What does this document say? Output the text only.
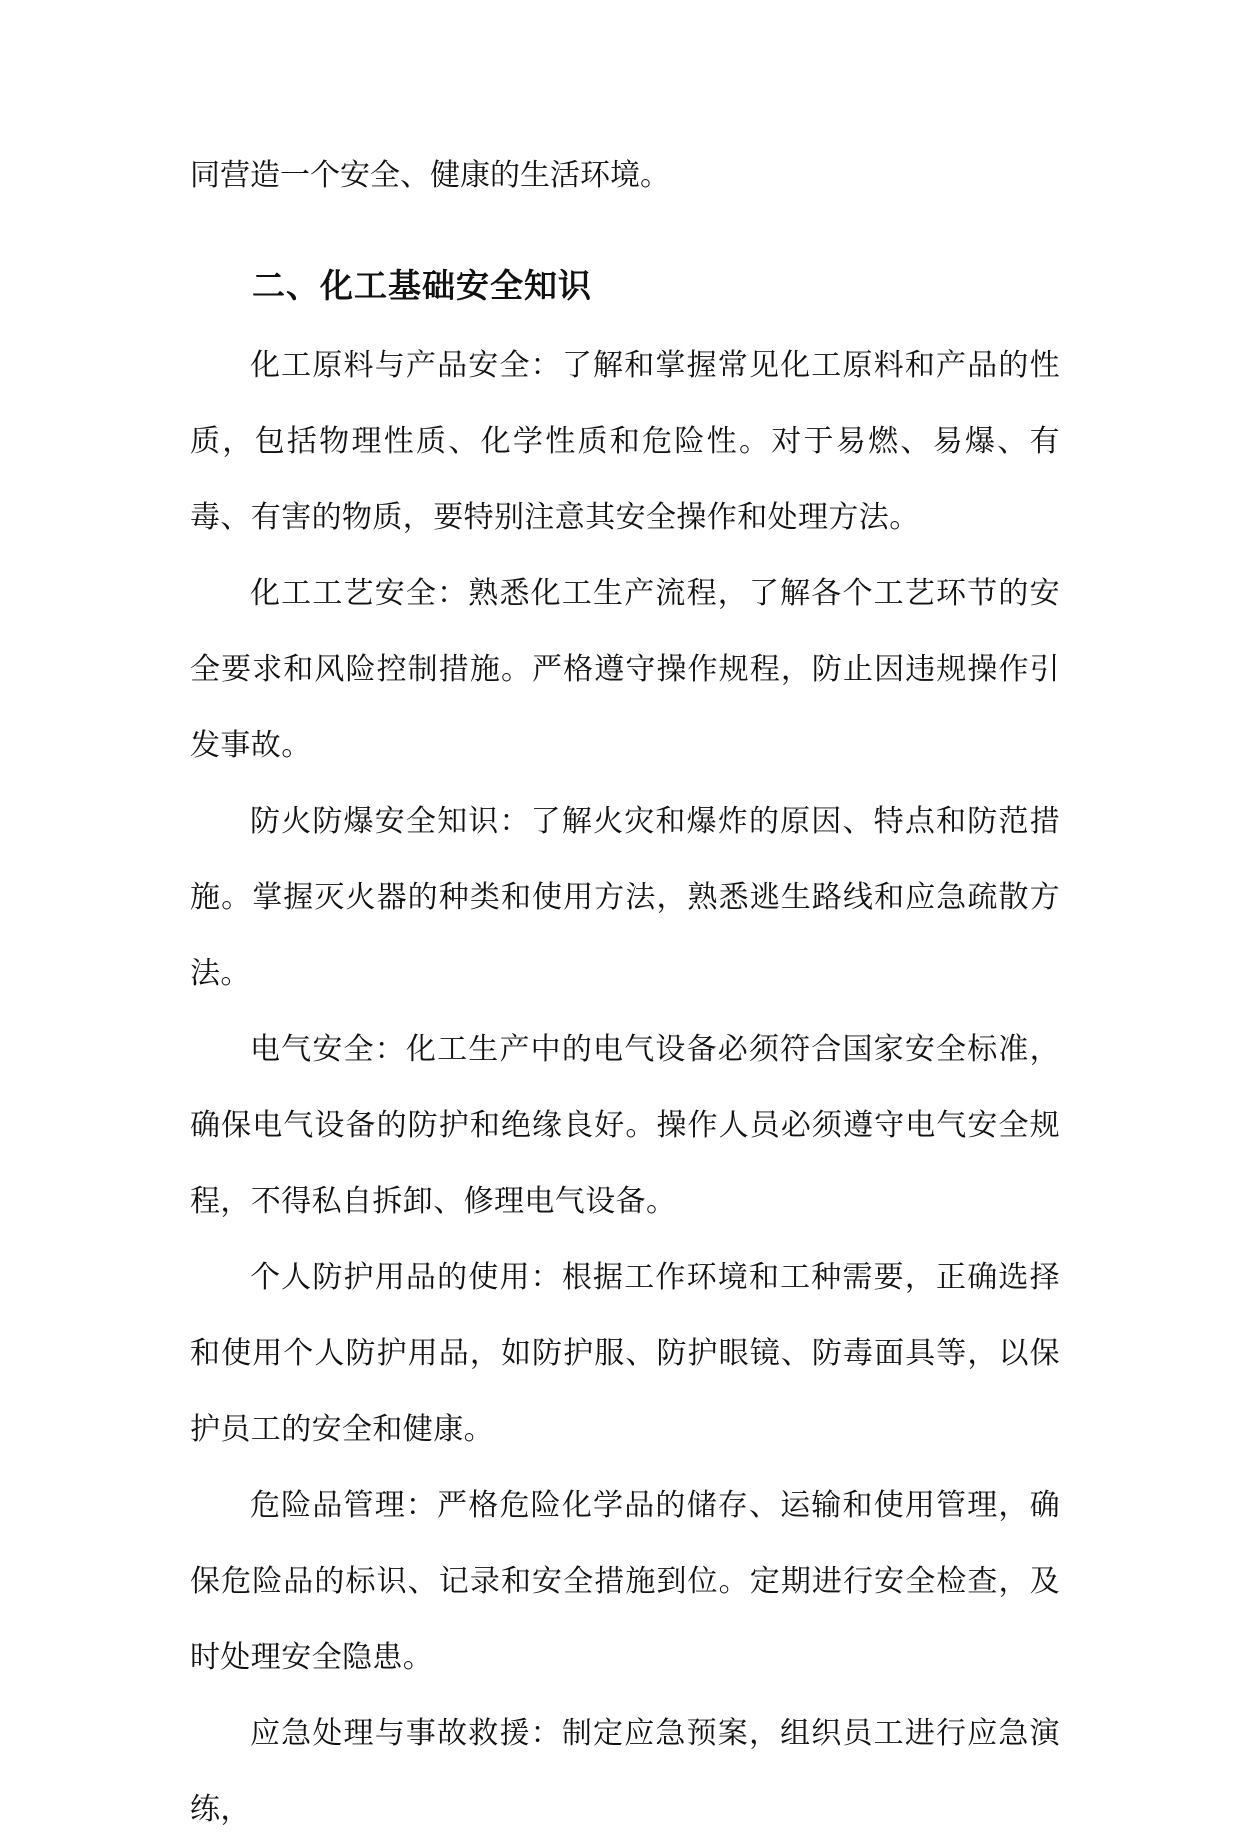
同营造一个安全、健康的生活环境。

二、化工基础安全知识

化工原料与产品安全：了解和掌握常见化工原料和产品的性质，包括物理性质、化学性质和危险性。对于易燃、易爆、有毒、有害的物质，要特别注意其安全操作和处理方法。

化工工艺安全：熟悉化工生产流程，了解各个工艺环节的安全要求和风险控制措施。严格遵守操作规程，防止因违规操作引发事故。

防火防爆安全知识：了解火灾和爆炸的原因、特点和防范措施。掌握灭火器的种类和使用方法，熟悉逃生路线和应急疏散方法。

电气安全：化工生产中的电气设备必须符合国家安全标准，确保电气设备的防护和绝缘良好。操作人员必须遵守电气安全规程，不得私自拆卸、修理电气设备。

个人防护用品的使用：根据工作环境和工种需要，正确选择和使用个人防护用品，如防护服、防护眼镜、防毒面具等，以保护员工的安全和健康。

危险品管理：严格危险化学品的储存、运输和使用管理，确保危险品的标识、记录和安全措施到位。定期进行安全检查，及时处理安全隐患。

应急处理与事故救援：制定应急预案，组织员工进行应急演练，
